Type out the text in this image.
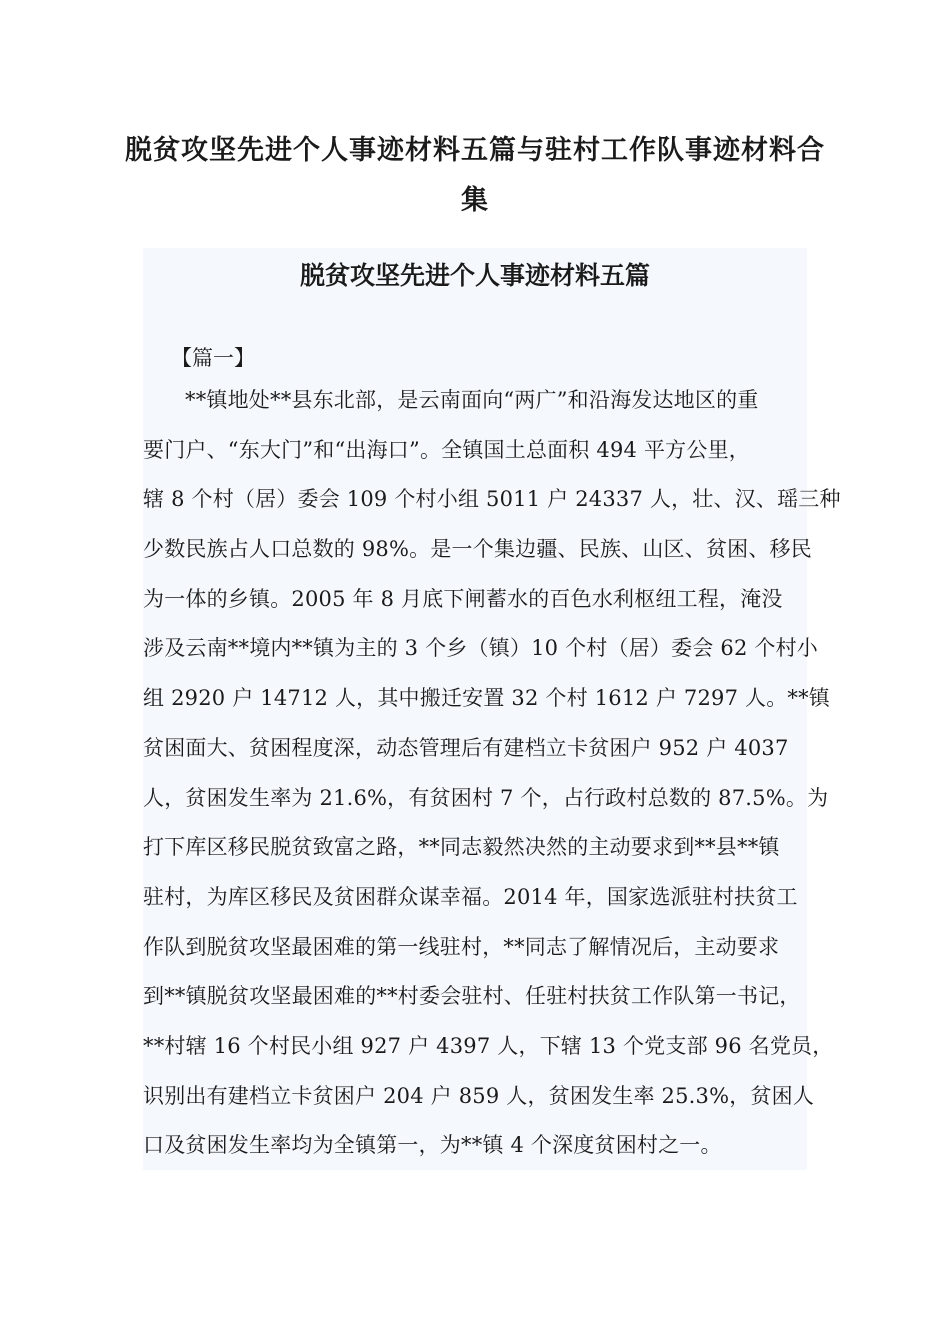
脱贫攻坚先进个人事迹材料五篇与驻村工作队事迹材料合集
脱贫攻坚先进个人事迹材料五篇

【篇一】

**镇地处**县东北部，是云南面向“两广”和沿海发达地区的重
要门户、“东大门”和“出海口”。全镇国土总面积 494 平方公里，
辖 8 个村（居）委会 109 个村小组 5011 户 24337 人，壮、汉、瑶三种
少数民族占人口总数的 98%。是一个集边疆、民族、山区、贫困、移民
为一体的乡镇。2005 年 8 月底下闸蓄水的百色水利枢纽工程，淹没
涉及云南**境内**镇为主的 3 个乡（镇）10 个村（居）委会 62 个村小
组 2920 户 14712 人，其中搬迁安置 32 个村 1612 户 7297 人。**镇
贫困面大、贫困程度深，动态管理后有建档立卡贫困户 952 户 4037
人，贫困发生率为 21.6%，有贫困村 7 个，占行政村总数的 87.5%。为
打下库区移民脱贫致富之路，**同志毅然决然的主动要求到**县**镇
驻村，为库区移民及贫困群众谋幸福。2014 年，国家选派驻村扶贫工
作队到脱贫攻坚最困难的第一线驻村，**同志了解情况后，主动要求
到**镇脱贫攻坚最困难的**村委会驻村、任驻村扶贫工作队第一书记，
**村辖 16 个村民小组 927 户 4397 人，下辖 13 个党支部 96 名党员，
识别出有建档立卡贫困户 204 户 859 人，贫困发生率 25.3%，贫困人
口及贫困发生率均为全镇第一，为**镇 4 个深度贫困村之一。
